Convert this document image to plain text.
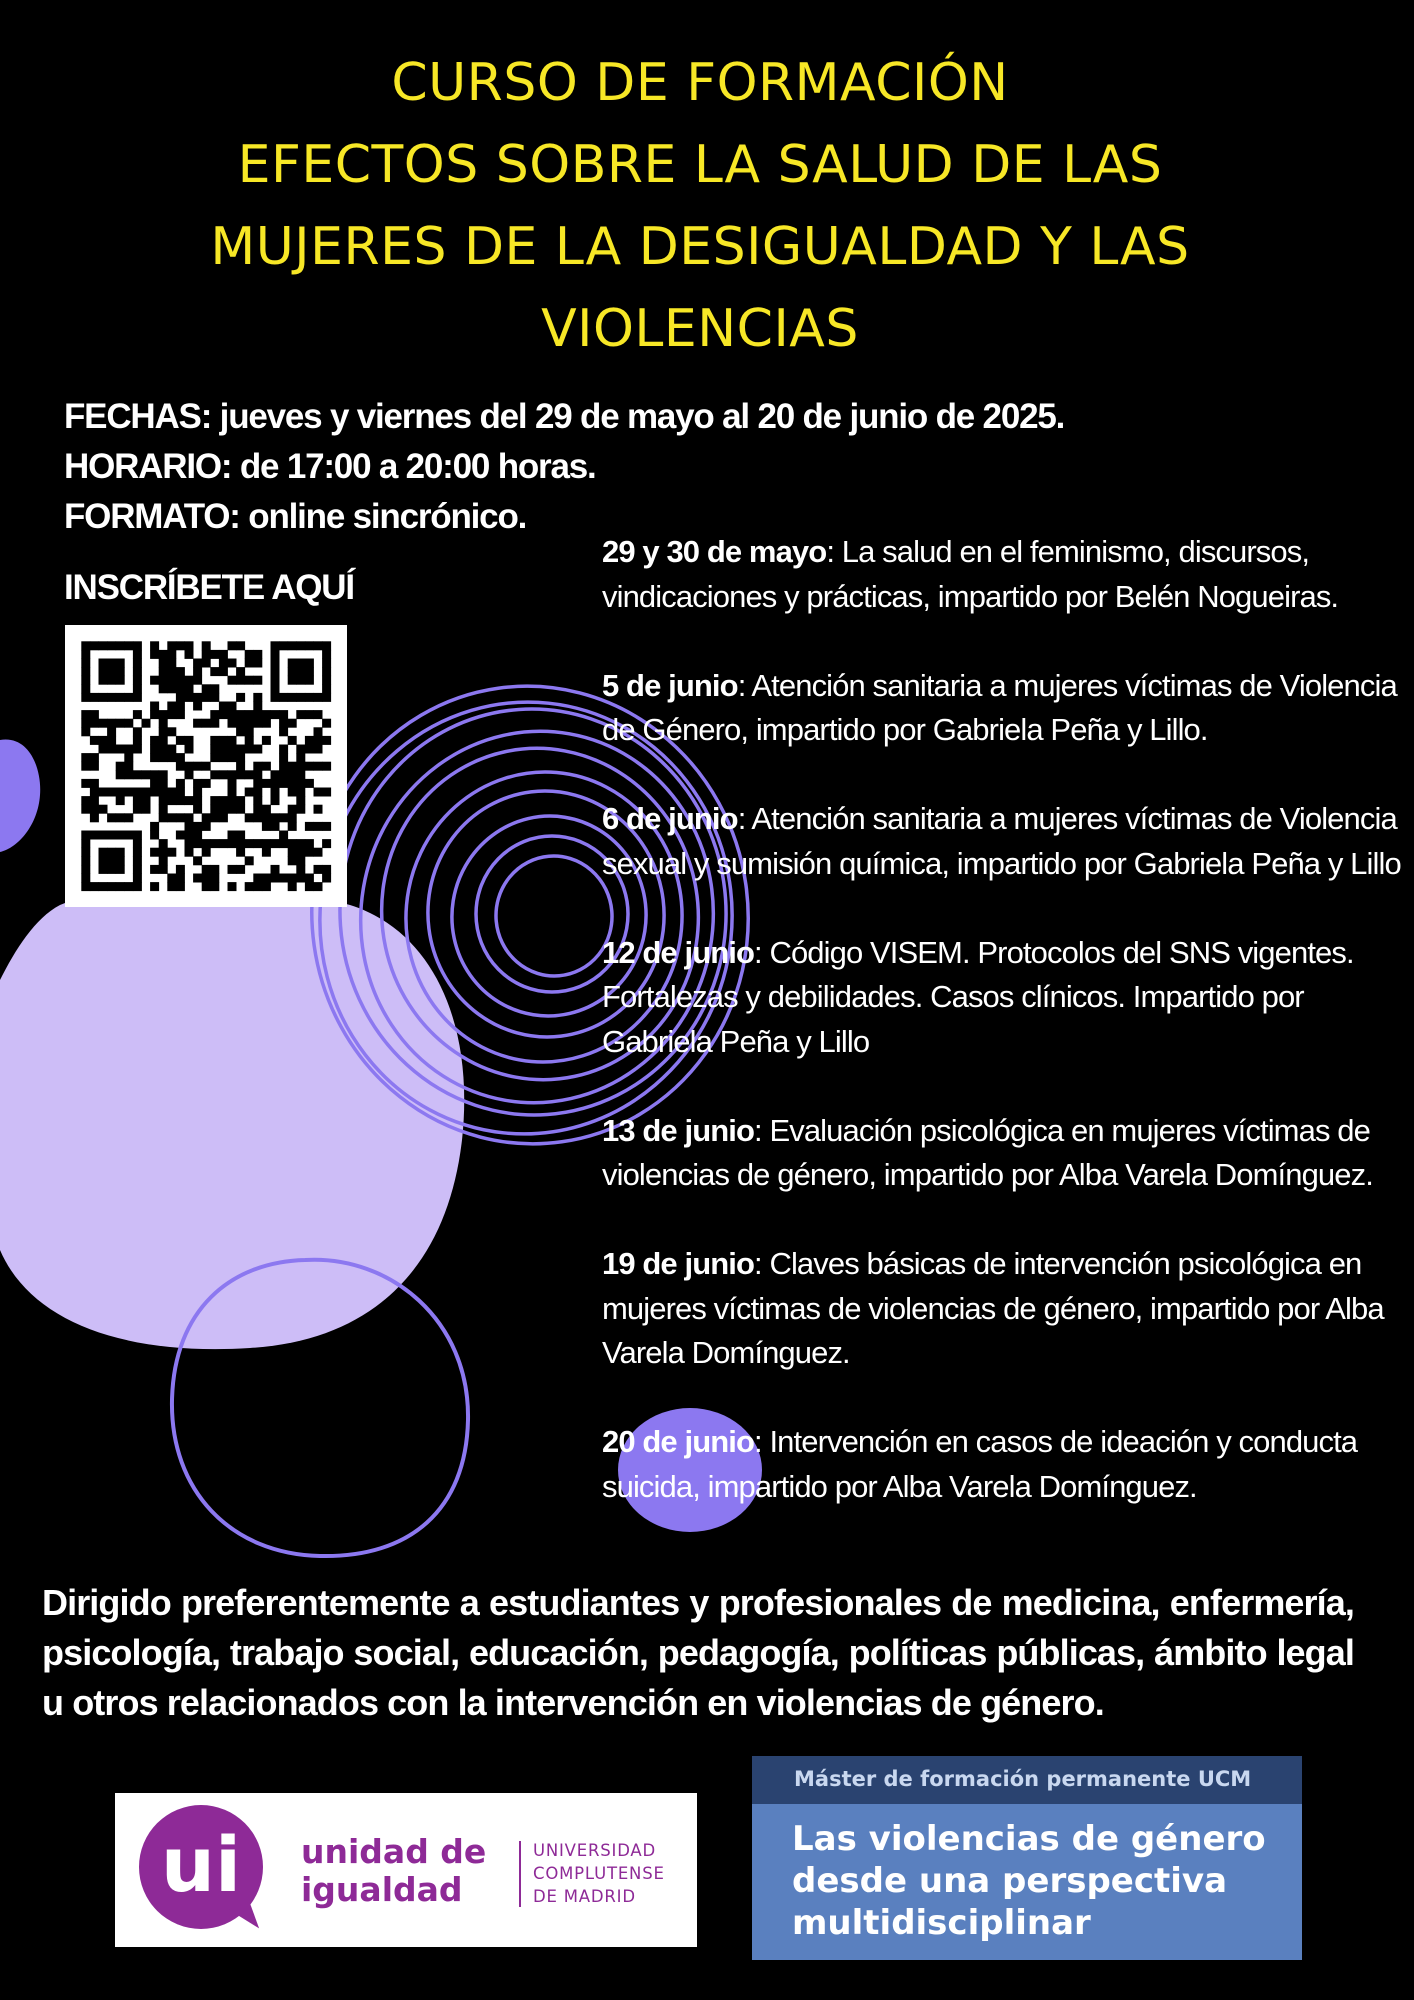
CURSO DE FORMACIÓN
EFECTOS SOBRE LA SALUD DE LAS
MUJERES DE LA DESIGUALDAD Y LAS
VIOLENCIAS
FECHAS: jueves y viernes del 29 de mayo al 20 de junio de 2025.
HORARIO: de 17:00 a 20:00 horas.
FORMATO: online sincrónico.
INSCRÍBETE AQUÍ
29 y 30 de mayo: La salud en el feminismo, discursos, vindicaciones y prácticas, impartido por Belén Nogueiras.
5 de junio: Atención sanitaria a mujeres víctimas de Violencia de Género, impartido por Gabriela Peña y Lillo.
6 de junio: Atención sanitaria a mujeres víctimas de Violencia sexual y sumisión química, impartido por Gabriela Peña y Lillo
12 de junio: Código VISEM. Protocolos del SNS vigentes. Fortalezas y debilidades. Casos clínicos. Impartido por Gabriela Peña y Lillo
13 de junio: Evaluación psicológica en mujeres víctimas de violencias de género, impartido por Alba Varela Domínguez.
19 de junio: Claves básicas de intervención psicológica en mujeres víctimas de violencias de género, impartido por Alba Varela Domínguez.
20 de junio: Intervención en casos de ideación y conducta suicida, impartido por Alba Varela Domínguez.
Dirigido preferentemente a estudiantes y profesionales de medicina, enfermería, psicología, trabajo social, educación, pedagogía, políticas públicas, ámbito legal u otros relacionados con la intervención en violencias de género.
ui	unidad de
igualdad
UNIVERSIDAD
COMPLUTENSE
DE MADRID
Máster de formación permanente UCM
Las violencias de género
desde una perspectiva
multidisciplinar
